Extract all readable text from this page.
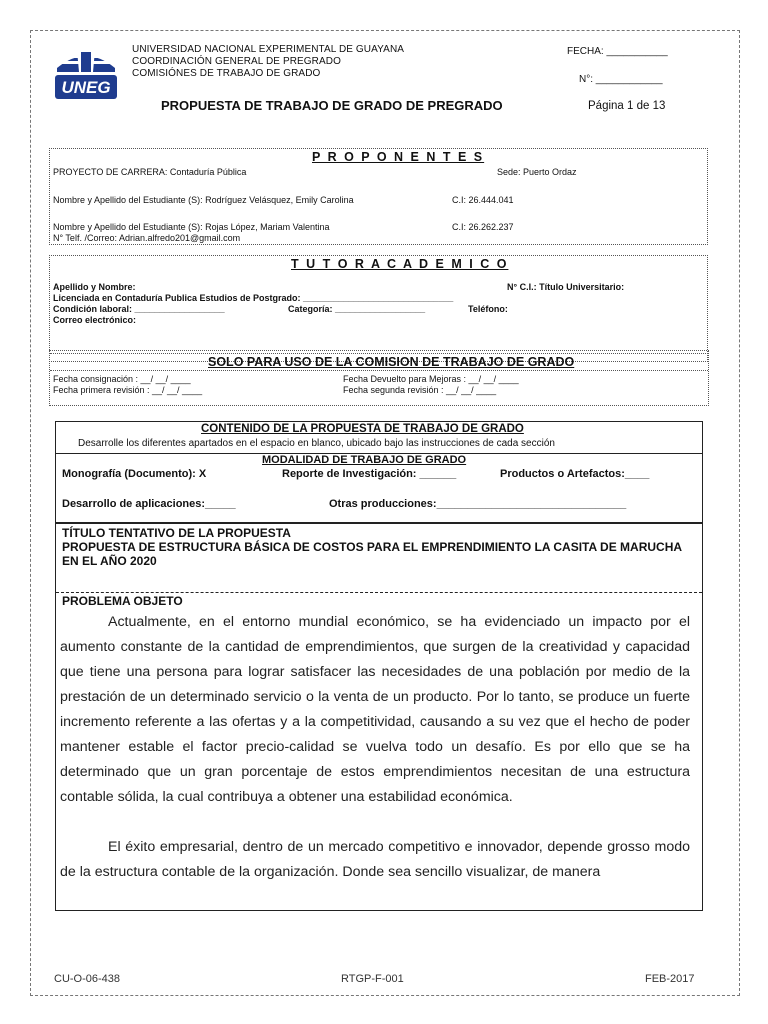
UNEG
UNIVERSIDAD NACIONAL EXPERIMENTAL DE GUAYANA
COORDINACIÓN GENERAL DE PREGRADO
COMISIÓNES DE TRABAJO DE GRADO
FECHA: ___________
N°: ____________
PROPUESTA DE TRABAJO DE GRADO DE PREGRADO	Página 1 de 13
P R O P O N E N T E S
PROYECTO DE CARRERA: Contaduría Pública	Sede: Puerto Ordaz
Nombre y Apellido del Estudiante (S): Rodríguez Velásquez, Emily Carolina	C.I: 26.444.041
Nombre y Apellido del Estudiante (S): Rojas López, Mariam Valentina	C.I: 26.262.237
N° Telf. /Correo: Adrian.alfredo201@gmail.com
T U T O R A C A D E M I C O
Apellido y Nombre:	N° C.I.: Título Universitario:
Licenciada en Contaduría Publica Estudios de Postgrado: ______________________________
Condición laboral: __________________	Categoría: __________________	Teléfono:
Correo electrónico:
SOLO PARA USO DE LA COMISION DE TRABAJO DE GRADO
Fecha consignación : __/ __/ ____
Fecha primera revisión : __/ __/ ____
Fecha Devuelto para Mejoras : __/ __/ ____
Fecha segunda revisión : __/ __/ ____
CONTENIDO DE LA PROPUESTA DE TRABAJO DE GRADO
Desarrolle los diferentes apartados en el espacio en blanco, ubicado bajo las instrucciones de cada sección
MODALIDAD DE TRABAJO DE GRADO
Monografía (Documento): X	Reporte de Investigación: ______	Productos o Artefactos:____
Desarrollo de aplicaciones:_____	Otras producciones:_______________________________
TÍTULO TENTATIVO DE LA PROPUESTA
PROPUESTA DE ESTRUCTURA BÁSICA DE COSTOS PARA EL EMPRENDIMIENTO LA CASITA DE MARUCHA EN EL AÑO 2020
PROBLEMA OBJETO

Actualmente, en el entorno mundial económico, se ha evidenciado un impacto por el aumento constante de la cantidad de emprendimientos, que surgen de la creatividad y capacidad que tiene una persona para lograr satisfacer las necesidades de una población por medio de la prestación de un determinado servicio o la venta de un producto. Por lo tanto, se produce un fuerte incremento referente a las ofertas y a la competitividad, causando a su vez que el hecho de poder mantener estable el factor precio-calidad se vuelva todo un desafío. Es por ello que se ha determinado que un gran porcentaje de estos emprendimientos necesitan de una estructura contable sólida, la cual contribuya a obtener una estabilidad económica.

El éxito empresarial, dentro de un mercado competitivo e innovador, depende grosso modo de la estructura contable de la organización. Donde sea sencillo visualizar, de manera

CU-O-06-438	RTGP-F-001	FEB-2017
